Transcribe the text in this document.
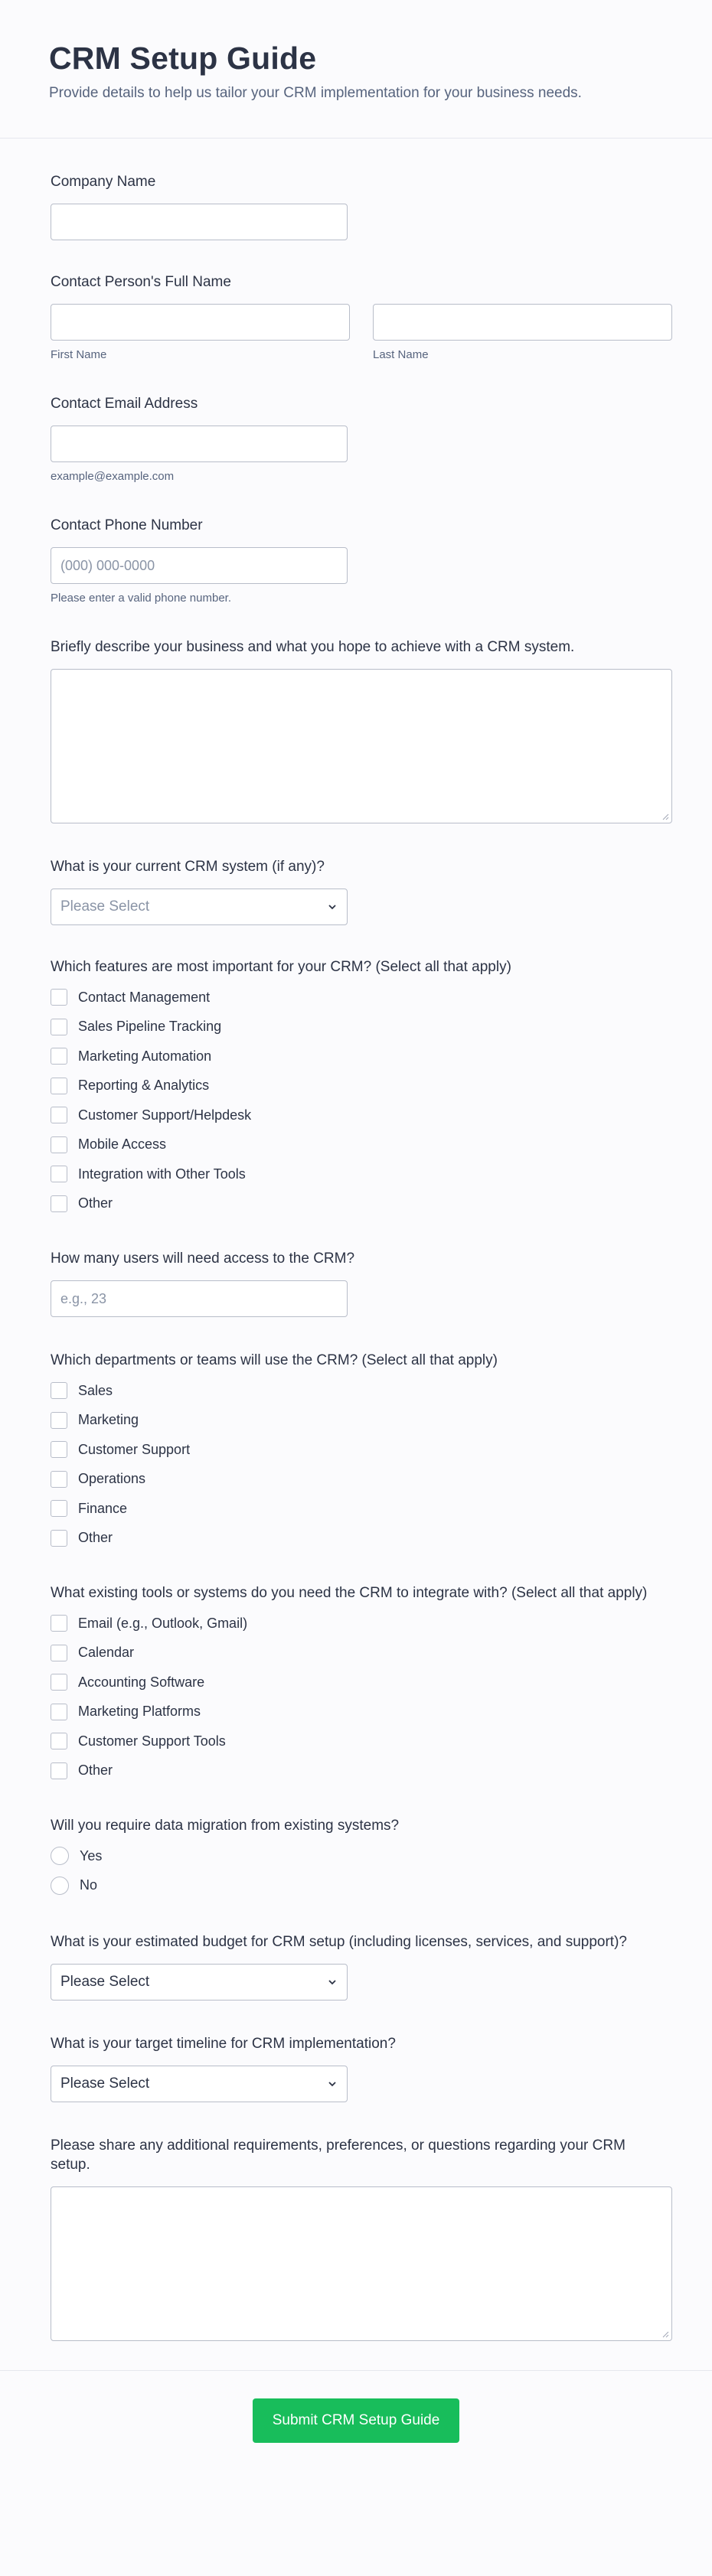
CRM Setup Guide
Provide details to help us tailor your CRM implementation for your business needs.
Company Name
Contact Person's Full Name
First Name	Last Name
Contact Email Address
example@example.com
Contact Phone Number
(000) 000-0000
Please enter a valid phone number.
Briefly describe your business and what you hope to achieve with a CRM system.
What is your current CRM system (if any)?
Please Select
Which features are most important for your CRM? (Select all that apply)
Contact Management
Sales Pipeline Tracking
Marketing Automation
Reporting & Analytics
Customer Support/Helpdesk
Mobile Access
Integration with Other Tools
Other
How many users will need access to the CRM?
e.g., 23
Which departments or teams will use the CRM? (Select all that apply)
Sales
Marketing
Customer Support
Operations
Finance
Other
What existing tools or systems do you need the CRM to integrate with? (Select all that apply)
Email (e.g., Outlook, Gmail)
Calendar
Accounting Software
Marketing Platforms
Customer Support Tools
Other
Will you require data migration from existing systems?
Yes
No
What is your estimated budget for CRM setup (including licenses, services, and support)?
Please Select
What is your target timeline for CRM implementation?
Please Select
Please share any additional requirements, preferences, or questions regarding your CRM setup.
Submit CRM Setup Guide
